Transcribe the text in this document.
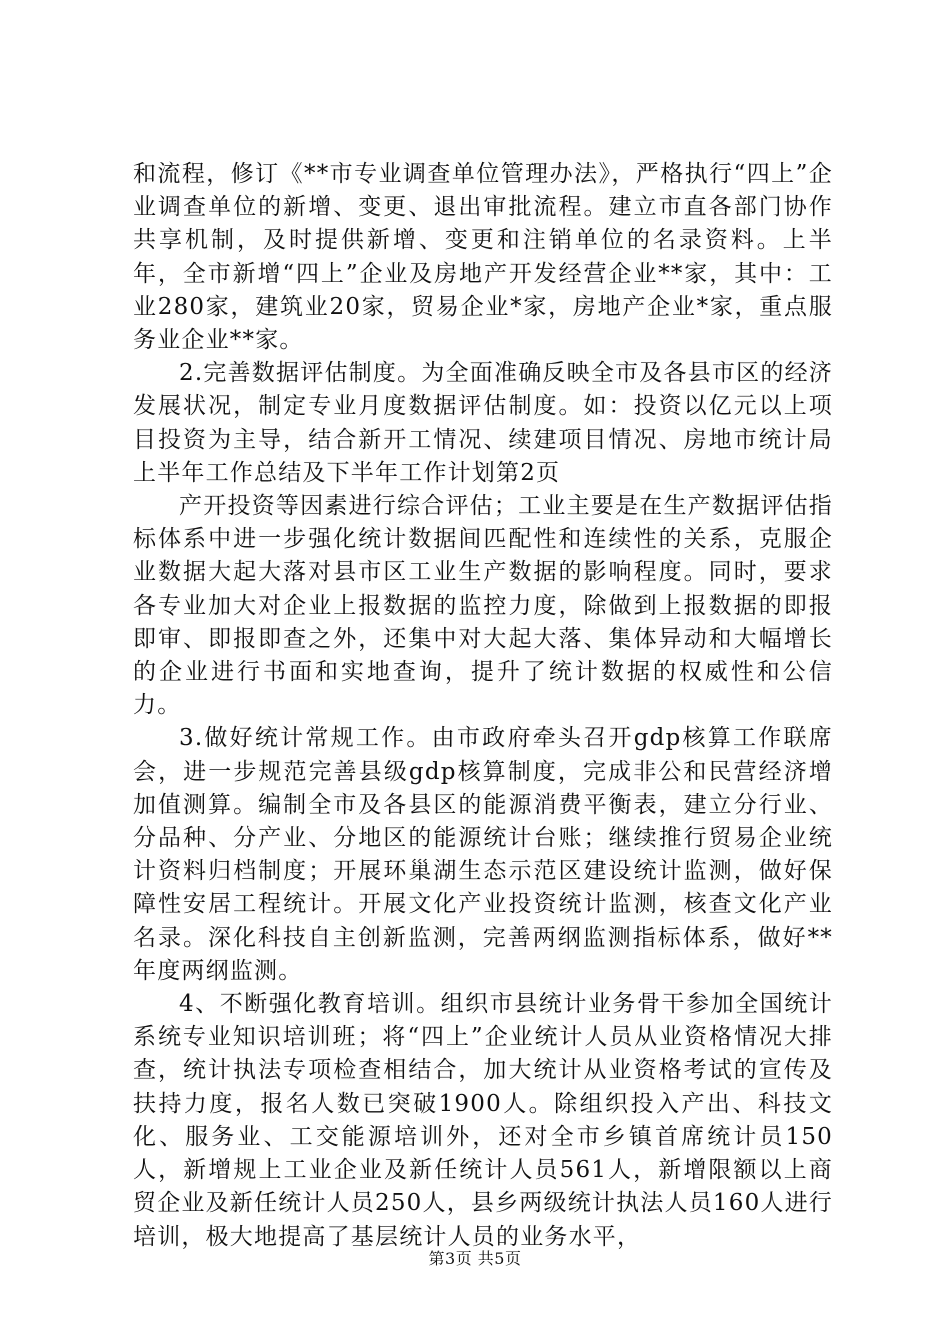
和流程，修订《**市专业调查单位管理办法》，严格执行“四上”企业调查单位的新增、变更、退出审批流程。建立市直各部门协作共享机制，及时提供新增、变更和注销单位的名录资料。上半年，全市新增“四上”企业及房地产开发经营企业**家，其中：工业280家，建筑业20家，贸易企业*家，房地产企业*家，重点服务业企业**家。

2.完善数据评估制度。为全面准确反映全市及各县市区的经济发展状况，制定专业月度数据评估制度。如：投资以亿元以上项目投资为主导，结合新开工情况、续建项目情况、房地市统计局上半年工作总结及下半年工作计划第2页

产开投资等因素进行综合评估；工业主要是在生产数据评估指标体系中进一步强化统计数据间匹配性和连续性的关系，克服企业数据大起大落对县市区工业生产数据的影响程度。同时，要求各专业加大对企业上报数据的监控力度，除做到上报数据的即报即审、即报即查之外，还集中对大起大落、集体异动和大幅增长的企业进行书面和实地查询，提升了统计数据的权威性和公信力。

3.做好统计常规工作。由市政府牵头召开gdp核算工作联席会，进一步规范完善县级gdp核算制度，完成非公和民营经济增加值测算。编制全市及各县区的能源消费平衡表，建立分行业、分品种、分产业、分地区的能源统计台账；继续推行贸易企业统计资料归档制度；开展环巢湖生态示范区建设统计监测，做好保障性安居工程统计。开展文化产业投资统计监测，核查文化产业名录。深化科技自主创新监测，完善两纲监测指标体系，做好**年度两纲监测。

4、不断强化教育培训。组织市县统计业务骨干参加全国统计系统专业知识培训班；将“四上”企业统计人员从业资格情况大排查，统计执法专项检查相结合，加大统计从业资格考试的宣传及扶持力度，报名人数已突破1900人。除组织投入产出、科技文化、服务业、工交能源培训外，还对全市乡镇首席统计员150人，新增规上工业企业及新任统计人员561人，新增限额以上商贸企业及新任统计人员250人，县乡两级统计执法人员160人进行培训，极大地提高了基层统计人员的业务水平，

第3页 共5页
